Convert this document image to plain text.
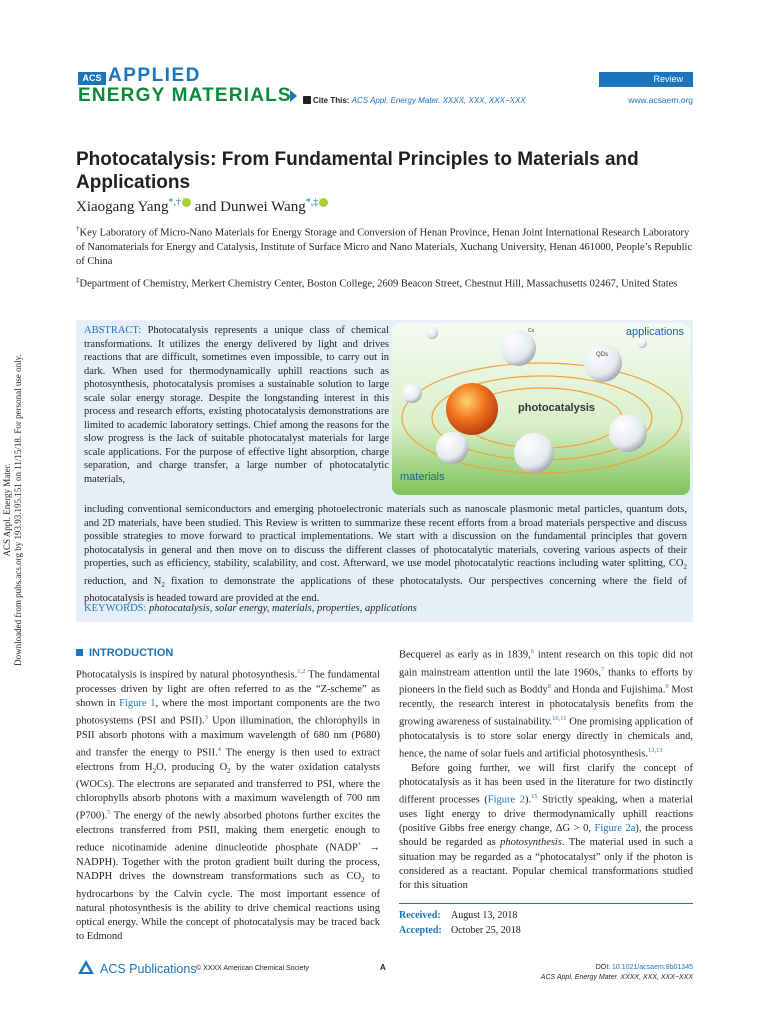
ACS APPLIED
ENERGY MATERIALS	Cite This: ACS Appl. Energy Mater. XXXX, XXX, XXX−XXX
Review
www.acsaem.org
Photocatalysis: From Fundamental Principles to Materials and Applications
Xiaogang Yang*,† and Dunwei Wang*,‡
†Key Laboratory of Micro-Nano Materials for Energy Storage and Conversion of Henan Province, Henan Joint International Research Laboratory of Nanomaterials for Energy and Catalysis, Institute of Surface Micro and Nano Materials, Xuchang University, Henan 461000, People’s Republic of China
‡Department of Chemistry, Merkert Chemistry Center, Boston College, 2609 Beacon Street, Chestnut Hill, Massachusetts 02467, United States
ABSTRACT: Photocatalysis represents a unique class of chemical transformations. It utilizes the energy delivered by light and drives reactions that are difficult, sometimes even impossible, to carry out in dark. When used for thermodynamically uphill reactions such as photosynthesis, photocatalysis promises a sustainable solution to large scale solar energy storage. Despite the longstanding interest in this process and research efforts, existing photocatalysis demonstrations are limited to academic laboratory settings. Chief among the reasons for the slow progress is the lack of suitable photocatalyst materials for large scale applications. For the purpose of effective light absorption, charge separation, and charge transfer, a large number of photocatalytic materials,
including conventional semiconductors and emerging photoelectronic materials such as nanoscale plasmonic metal particles, quantum dots, and 2D materials, have been studied. This Review is written to summarize these recent efforts from a broad materials perspective and discuss possible strategies to move forward to practical implementations. We start with a discussion on the fundamental principles that govern photocatalysis in general and then move on to discuss the different classes of photocatalytic materials, covering various aspects of their properties, such as efficiency, stability, scalability, and cost. Afterward, we use model photocatalytic reactions including water splitting, $CO_2$ reduction, and $N_2$ fixation to demonstrate the applications of these photocatalysts. Our perspectives concerning where the field of photocatalysis is headed toward are provided at the end.
KEYWORDS: photocatalysis, solar energy, materials, properties, applications
applications
photocatalysis
materials
QDs
Cs
ACS Appl. Energy Mater. Downloaded from pubs.acs.org by 193.93.195.151 on 11/15/18. For personal use only.	INTRODUCTION
Photocatalysis is inspired by natural photosynthesis.$^{1,2}$ The fundamental processes driven by light are often referred to as the “Z-scheme” as shown in Figure 1, where the most important components are the two photosystems (PSI and PSII).$^3$ Upon illumination, the chlorophylls in PSII absorb photons with a maximum wavelength of 680 nm (P680) and transfer the energy to PSII.$^4$ The energy is then used to extract electrons from $H_2O$, producing $O_2$ by the water oxidation catalysts (WOCs). The electrons are separated and transferred to PSI, where the chlorophylls absorb photons with a maximum wavelength of 700 nm (P700).$^5$ The energy of the newly absorbed photons further excites the electrons transferred from PSII, making them energetic enough to reduce nicotinamide adenine dinucleotide phosphate (NADP+ → NADPH). Together with the proton gradient built during the process, NADPH drives the downstream transformations such as $CO_2$ to hydrocarbons by the Calvin cycle. The most important essence of natural photosynthesis is the ability to drive chemical reactions using optical energy. While the concept of photocatalysis may be traced back to Edmond
Becquerel as early as in 1839,$^6$ intent research on this topic did not gain mainstream attention until the late 1960s,$^7$ thanks to efforts by pioneers in the field such as Boddy$^8$ and Honda and Fujishima.$^9$ Most recently, the research interest in photocatalysis benefits from the growing awareness of sustainability.$^{10,11}$ One promising application of photocatalysis is to store solar energy directly in chemicals and, hence, the name of solar fuels and artificial photosynthesis.$^{12,13}$
Before going further, we will first clarify the concept of photocatalysis as it has been used in the literature for two distinctly different processes (Figure 2).$^{15}$ Strictly speaking, when a material uses light energy to drive thermodynamically uphill reactions (positive Gibbs free energy change, ΔG > 0, Figure 2a), the process should be regarded as photosynthesis. The material used in such a situation may be regarded as a “photocatalyst” only if the photon is considered as a reactant. Popular chemical transformations studied for this situation
Received: August 13, 2018
Accepted: October 25, 2018
ACS Publications © XXXX American Chemical Society	A	DOI: 10.1021/acsaem.8b01345
ACS Appl. Energy Mater. XXXX, XXX, XXX−XXX
